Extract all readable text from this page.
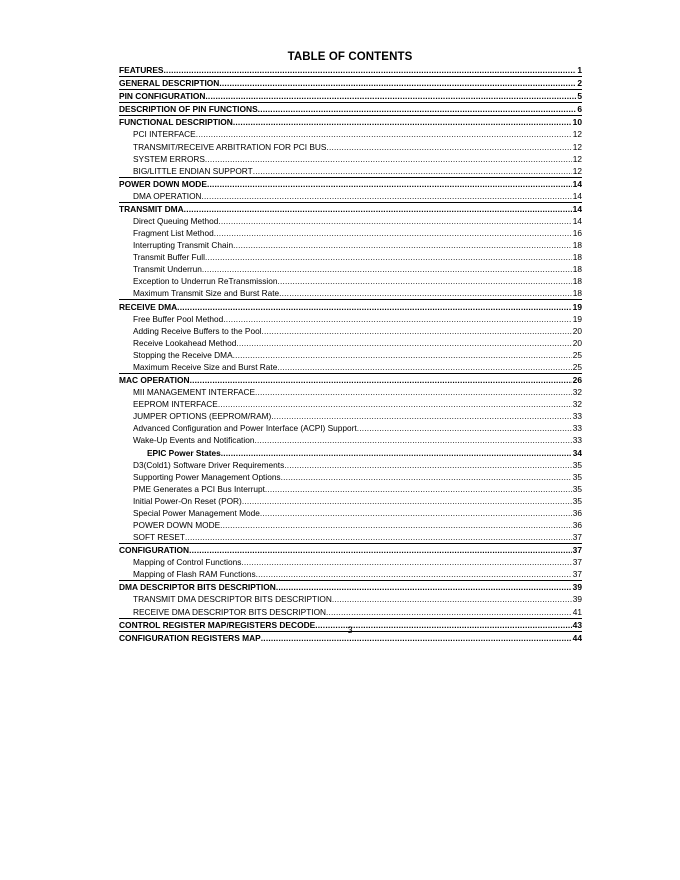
TABLE OF CONTENTS
FEATURES .....	1
GENERAL DESCRIPTION .....	2
PIN CONFIGURATION .....	5
DESCRIPTION OF PIN FUNCTIONS .....	6
FUNCTIONAL DESCRIPTION .....	10
PCI INTERFACE .....	12
TRANSMIT/RECEIVE ARBITRATION FOR PCI BUS .....	12
SYSTEM ERRORS .....	12
BIG/LITTLE ENDIAN SUPPORT .....	12
POWER DOWN MODE .....	14
DMA OPERATION .....	14
TRANSMIT DMA .....	14
Direct Queuing Method .....	14
Fragment List Method .....	16
Interrupting Transmit Chain .....	18
Transmit Buffer Full .....	18
Transmit Underrun .....	18
Exception to Underrun ReTransmission .....	18
Maximum Transmit Size and Burst Rate .....	18
RECEIVE DMA .....	19
Free Buffer Pool Method .....	19
Adding Receive Buffers to the Pool .....	20
Receive Lookahead Method .....	20
Stopping the Receive DMA .....	25
Maximum Receive Size and Burst Rate .....	25
MAC OPERATION .....	26
MII MANAGEMENT INTERFACE .....	32
EEPROM INTERFACE .....	32
JUMPER OPTIONS (EEPROM/RAM) .....	33
Advanced Configuration and Power Interface (ACPI) Support .....	33
Wake-Up Events and Notification .....	33
EPIC Power States .....	34
D3(Cold1) Software Driver Requirements .....	35
Supporting Power Management Options .....	35
PME Generates a PCI Bus Interrupt .....	35
Initial Power-On Reset (POR) .....	35
Special Power Management Mode .....	36
POWER DOWN MODE .....	36
SOFT RESET .....	37
CONFIGURATION .....	37
Mapping of Control Functions .....	37
Mapping of Flash RAM Functions .....	37
DMA DESCRIPTOR BITS DESCRIPTION .....	39
TRANSMIT DMA DESCRIPTOR BITS DESCRIPTION .....	39
RECEIVE DMA DESCRIPTOR BITS DESCRIPTION .....	41
CONTROL REGISTER MAP/REGISTERS DECODE .....	43
CONFIGURATION REGISTERS MAP .....	44
3
